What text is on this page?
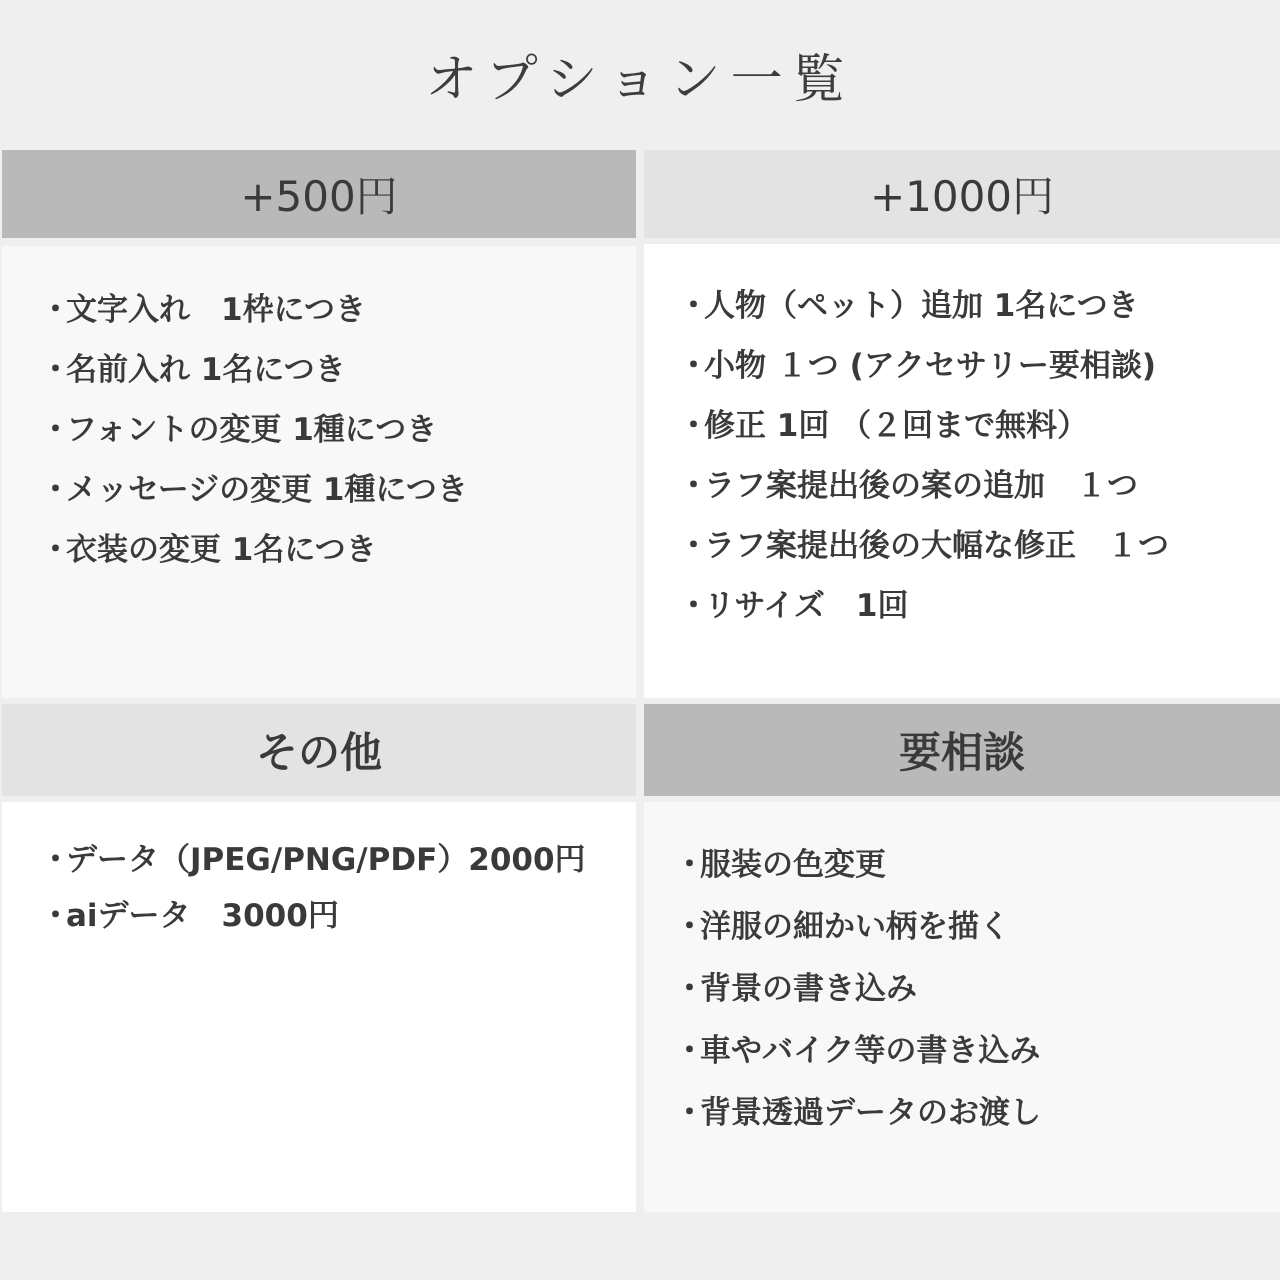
オプション一覧
+500円
・ 文字入れ　1枠につき
・ 名前入れ 1名につき
・ フォントの変更 1種につき
・ メッセージの変更 1種につき
・ 衣装の変更 1名につき
+1000円
・ 人物（ペット）追加 1名につき
・ 小物 １つ (アクセサリー要相談)
・ 修正 1回 （２回まで無料）
・ ラフ案提出後の案の追加　１つ
・ ラフ案提出後の大幅な修正　１つ
・ リサイズ　1回
その他
・ データ（JPEG/PNG/PDF）2000円
・ aiデータ　3000円
要相談
・ 服装の色変更
・ 洋服の細かい柄を描く
・ 背景の書き込み
・ 車やバイク等の書き込み
・ 背景透過データのお渡し
